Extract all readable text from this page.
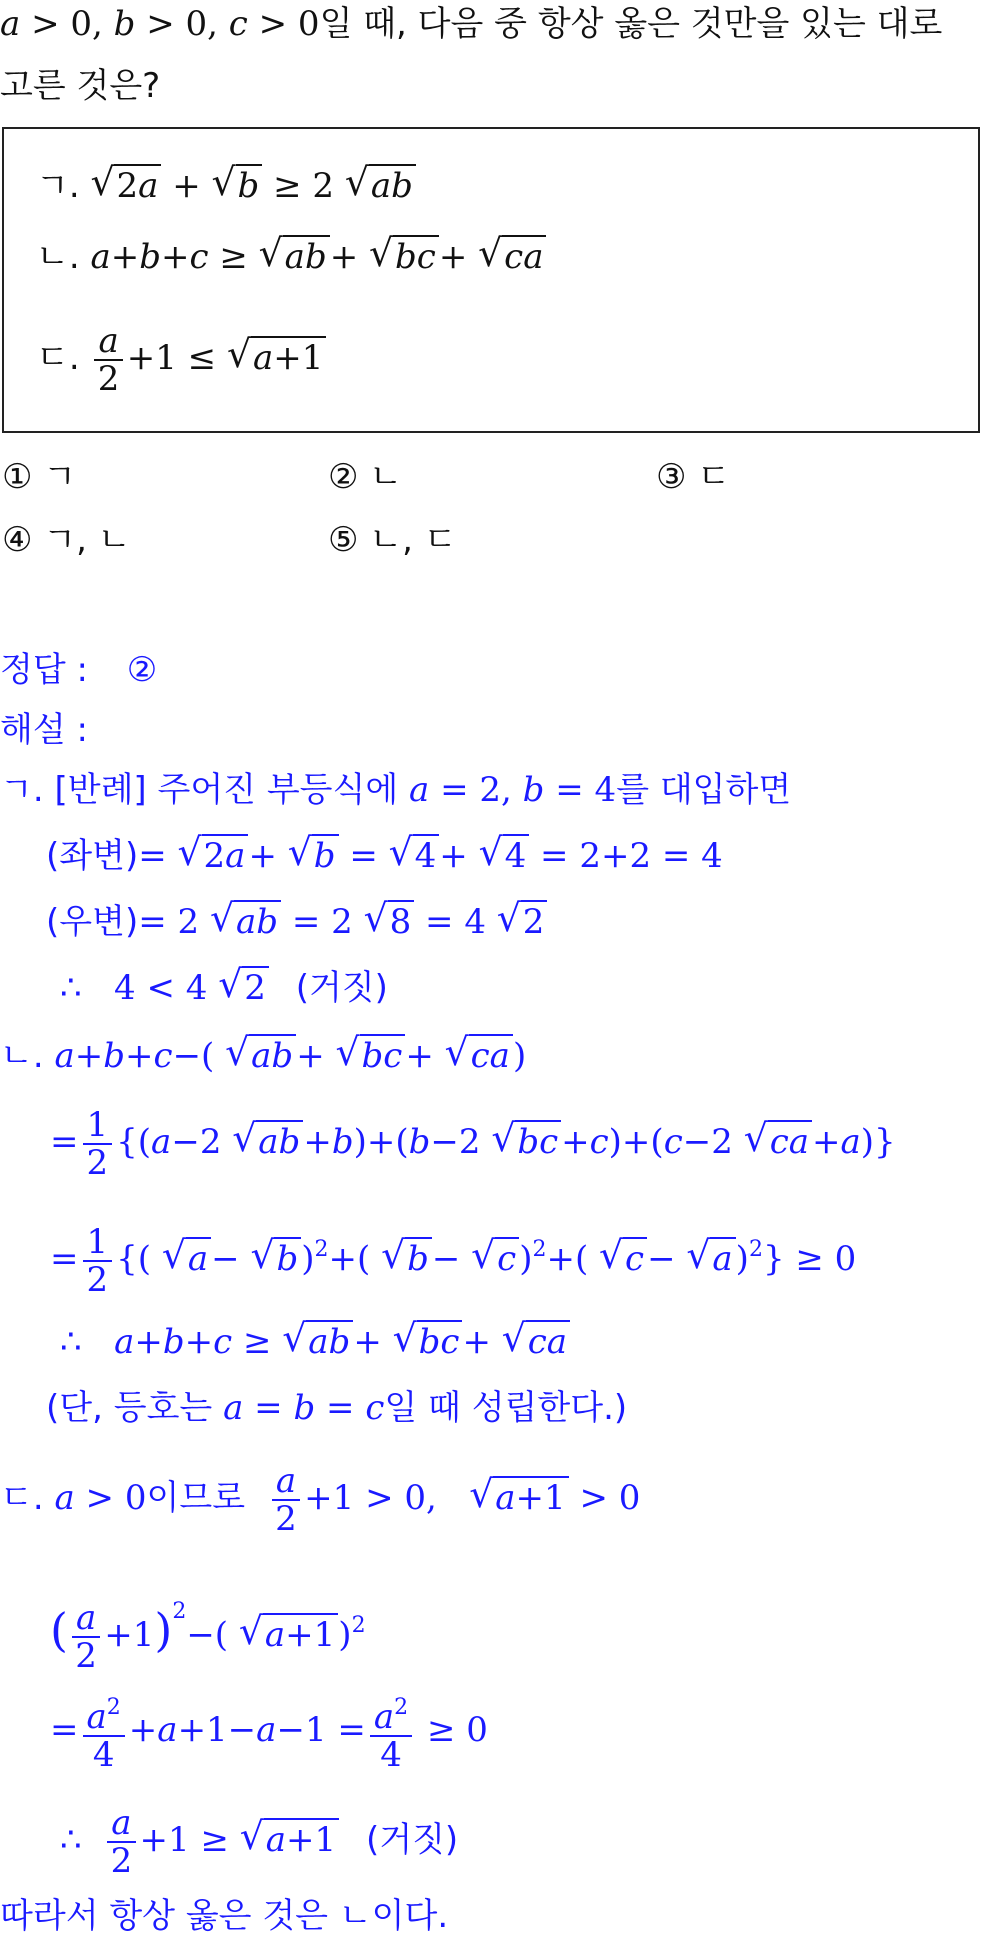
a > 0, b > 0, c > 0일 때, 다음 중 항상 옳은 것만을 있는 대로
고른 것은?
ㄱ. √ 2a + √ b ≥ 2 √ ab
ㄴ. a+b+c ≥ √ ab+ √ bc+ √ ca
ㄷ. $\frac{a}{2} +1$ ≤ √ a+1
① ㄱ	② ㄴ	③ ㄷ
④ ㄱ, ㄴ	⑤ ㄴ, ㄷ
정답 : ②
해설 :
ㄱ. [반례] 주어진 부등식에 a = 2, b = 4를 대입하면
(좌변)= √ 2a+ √ b = √ 4+ √ 4 = 2+2 = 4
(우변)= 2 √ ab = 2 √ 8 = 4 √ 2
∴   4 < 4 √ 2 (거짓)
ㄴ. a+b+c−( √ ab+ √ bc+ √ ca)
= $\frac{1}{2} \{(a-2$ √ ab+b)+(b−2 √ bc+c)+(c−2 √ ca+a)}
= $\frac{1}{2}$ {( √ a− √ b)$^2$+( √ b− √ c)$^2$+( √ c− √ a)$^2$} ≥ 0
∴   a+b+c ≥ √ ab+ √ bc+ √ ca
(단, 등호는 a = b = c일 때 성립한다.)
ㄷ. a > 0이므로 $\frac{a}{2} +1 > 0$, √ a+1 > 0
( $\frac{a}{2} +1)^2-$( √ a+1)$^2$
= $\frac{a^2}{4} +a+1-a-1 = \frac{a^2}{4} \ge 0$
∴ $\frac{a}{2} +1$ ≥ √ a+1 (거짓)
따라서 항상 옳은 것은 ㄴ이다.
